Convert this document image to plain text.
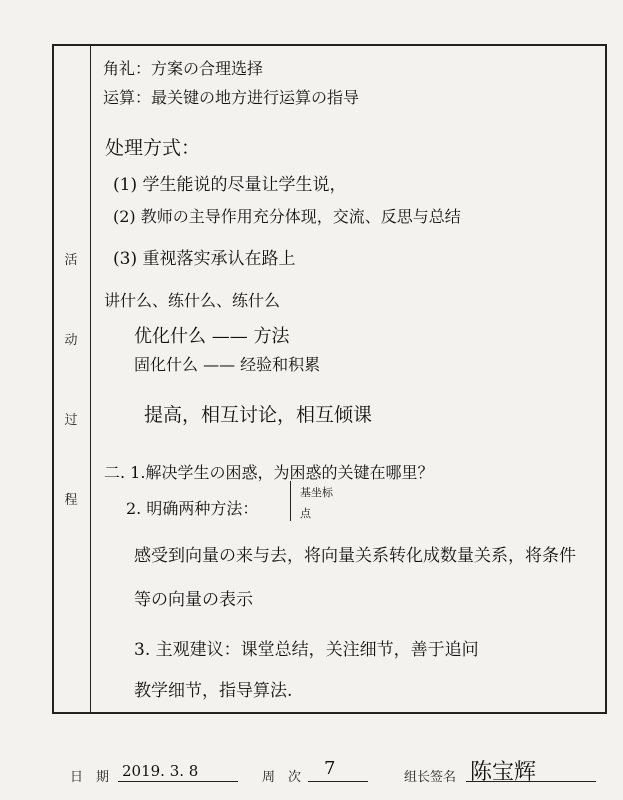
活
动
过
程
角礼：方案の合理选择
运算：最关键の地方进行运算の指导
处理方式：
(1) 学生能说的尽量让学生说，
(2) 教师の主导作用充分体现，交流、反思与总结
(3) 重视落实承认在路上
讲什么、练什么、练什么
优化什么 —— 方法
固化什么 —— 经验和积累
提高，相互讨论，相互倾课
二. 1.解决学生の困惑，为困惑的关键在哪里？
2. 明确两种方法：
基坐标
点
感受到向量の来与去，将向量关系转化成数量关系，将条件
等の向量の表示
3. 主观建议：课堂总结，关注细节，善于追问
教学细节，指导算法.
日　期 2019. 3. 8	周　次 7	组长签名 陈宝辉
